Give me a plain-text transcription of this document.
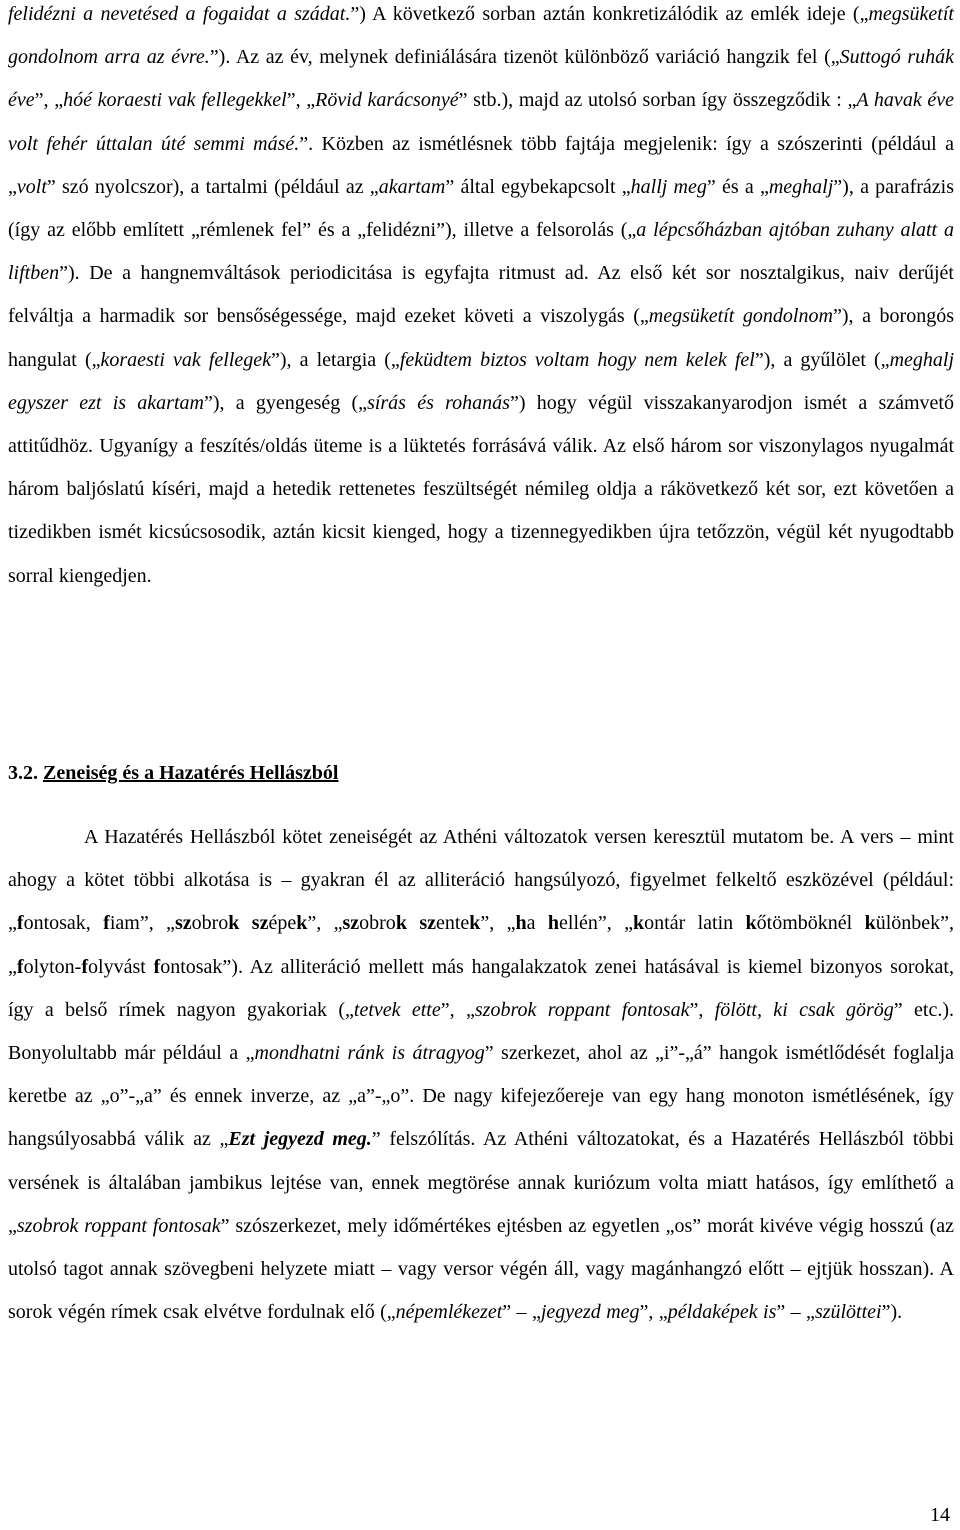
felidézni a nevetésed a fogaidat a szádat.”) A következő sorban aztán konkretizálódik az emlék ideje („megsüketít gondolnom arra az évre.”). Az az év, melynek definiálására tizenöt különböző variáció hangzik fel („Suttogó ruhák éve”, „hóé koraesti vak fellegekkel”, „Rövid karácsonyé” stb.), majd az utolsó sorban így összegződik : „A havak éve volt fehér úttalan úté semmi másé.”. Közben az ismétlésnek több fajtája megjelenik: így a szószerinti (például a „volt” szó nyolcszor), a tartalmi (például az „akartam” által egybekapcsolt „hallj meg” és a „meghalj”), a parafrázis (így az előbb említett „rémlenek fel” és a „felidézni”), illetve a felsorolás („a lépcsőházban ajtóban zuhany alatt a liftben”). De a hangnemváltások periodicitása is egyfajta ritmust ad. Az első két sor nosztalgikus, naiv derűjét felváltja a harmadik sor bensőségessége, majd ezeket követi a viszolygás („megsüketít gondolnom”), a borongós hangulat („koraesti vak fellegek”), a letargia („feküdtem biztos voltam hogy nem kelek fel”), a gyűlölet („meghalj egyszer ezt is akartam”), a gyengeség („sírás és rohanás”) hogy végül visszakanyarodjon ismét a számvető attitűdhöz. Ugyanígy a feszítés/oldás üteme is a lüktetés forrásává válik. Az első három sor viszonylagos nyugalmát három baljóslatú kíséri, majd a hetedik rettenetes feszültségét némileg oldja a rákövetkező két sor, ezt követően a tizedikben ismét kicsúcsosodik, aztán kicsit kienged, hogy a tizennegyedikben újra tetőzzön, végül két nyugodtabb sorral kiengedjen.

3.2. Zeneiség és a Hazatérés Hellászból

A Hazatérés Hellászból kötet zeneiségét az Athéni változatok versen keresztül mutatom be. A vers – mint ahogy a kötet többi alkotása is – gyakran él az alliteráció hangsúlyozó, figyelmet felkeltő eszközével (például: „fontosak, fiam”, „szobrok szépek”, „szobrok szentek”, „ha hellén”, „kontár latin kőtömböknél különbek”, „folyton-folyvást fontosak”). Az alliteráció mellett más hangalakzatok zenei hatásával is kiemel bizonyos sorokat, így a belső rímek nagyon gyakoriak („tetvek ette”, „szobrok roppant fontosak”, fölött, ki csak görög” etc.). Bonyolultabb már például a „mondhatni ránk is átragyog” szerkezet, ahol az „i”-„á” hangok ismétlődését foglalja keretbe az „o”-„a” és ennek inverze, az „a”-„o”. De nagy kifejezőereje van egy hang monoton ismétlésének, így hangsúlyosabbá válik az „Ezt jegyezd meg.” felszólítás. Az Athéni változatokat, és a Hazatérés Hellászból többi versének is általában jambikus lejtése van, ennek megtörése annak kuriózum volta miatt hatásos, így említhető a „szobrok roppant fontosak” szószerkezet, mely időmértékes ejtésben az egyetlen „os” morát kivéve végig hosszú (az utolsó tagot annak szövegbeni helyzete miatt – vagy versor végén áll, vagy magánhangzó előtt – ejtjük hosszan). A sorok végén rímek csak elvétve fordulnak elő („népemlékezet” – „jegyezd meg”, „példaképek is” – „szülöttei”).

14
